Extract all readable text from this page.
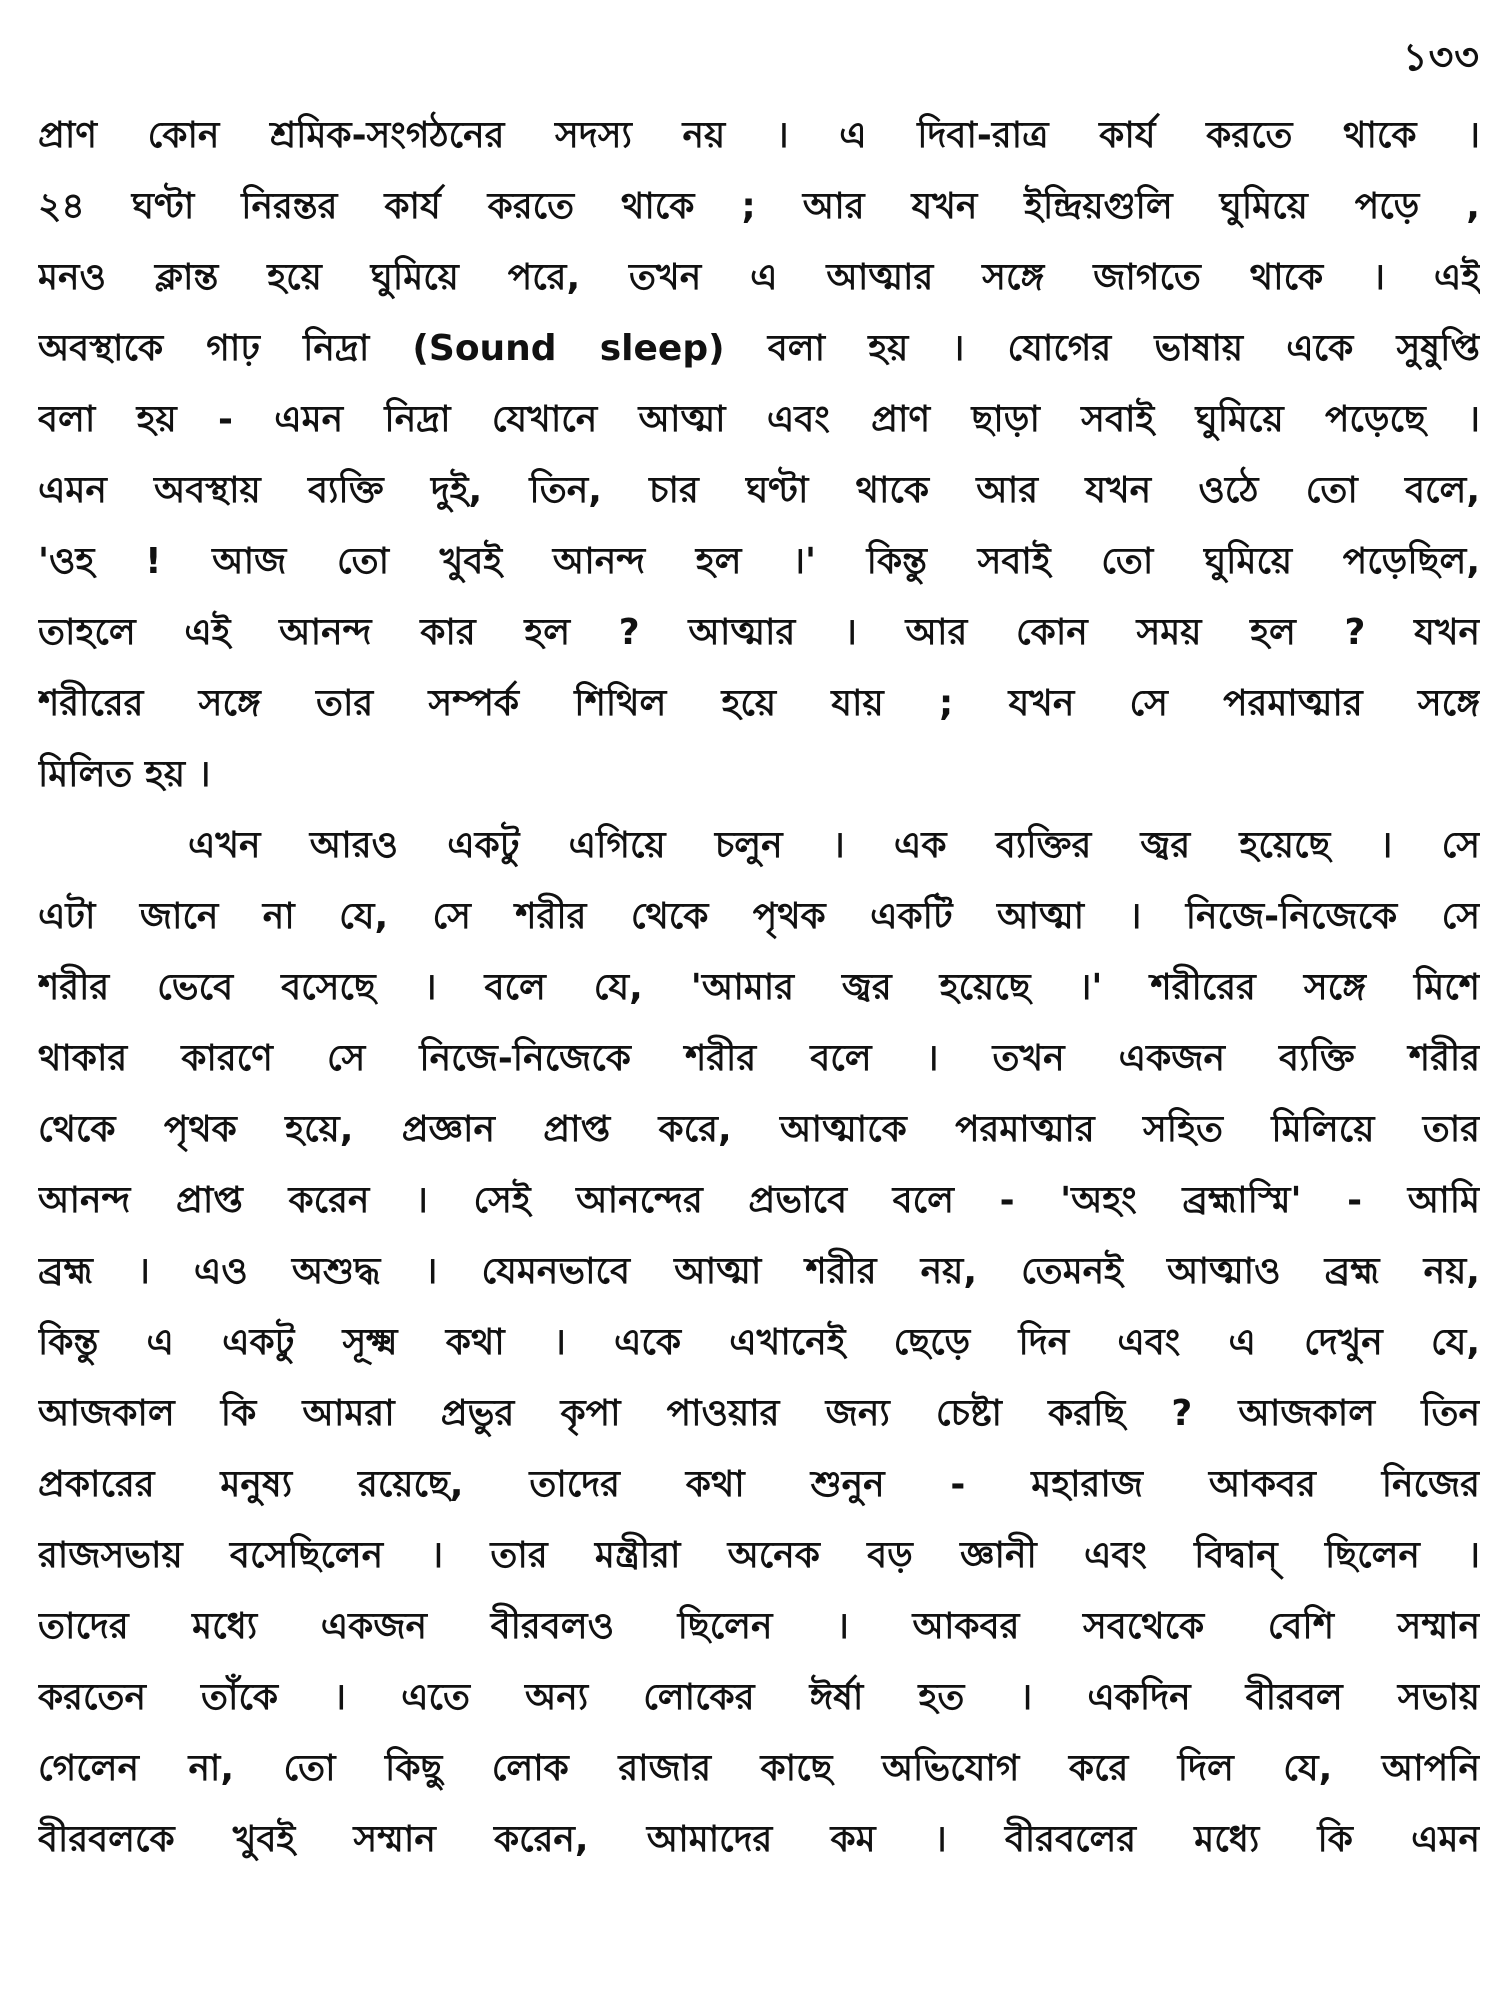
১৩৩
প্রাণ কোন শ্রমিক-সংগঠনের সদস্য নয় । এ দিবা-রাত্র কার্য করতে থাকে ।
২৪ ঘণ্টা নিরন্তর কার্য করতে থাকে ; আর যখন ইন্দ্রিয়গুলি ঘুমিয়ে পড়ে ,
মনও ক্লান্ত হয়ে ঘুমিয়ে পরে, তখন এ আত্মার সঙ্গে জাগতে থাকে । এই
অবস্থাকে গাঢ় নিদ্রা (Sound sleep) বলা হয় । যোগের ভাষায় একে সুষুপ্তি
বলা হয় - এমন নিদ্রা যেখানে আত্মা এবং প্রাণ ছাড়া সবাই ঘুমিয়ে পড়েছে ।
এমন অবস্থায় ব্যক্তি দুই, তিন, চার ঘণ্টা থাকে আর যখন ওঠে তো বলে,
'ওহ ! আজ তো খুবই আনন্দ হল ।' কিন্তু সবাই তো ঘুমিয়ে পড়েছিল,
তাহলে এই আনন্দ কার হল ? আত্মার । আর কোন সময় হল ? যখন
শরীরের সঙ্গে তার সম্পর্ক শিথিল হয়ে যায় ; যখন সে পরমাত্মার সঙ্গে
মিলিত হয় ।
এখন আরও একটু এগিয়ে চলুন । এক ব্যক্তির জ্বর হয়েছে । সে
এটা জানে না যে, সে শরীর থেকে পৃথক একটি আত্মা । নিজে-নিজেকে সে
শরীর ভেবে বসেছে । বলে যে, 'আমার জ্বর হয়েছে ।' শরীরের সঙ্গে মিশে
থাকার কারণে সে নিজে-নিজেকে শরীর বলে । তখন একজন ব্যক্তি শরীর
থেকে পৃথক হয়ে, প্রজ্ঞান প্রাপ্ত করে, আত্মাকে পরমাত্মার সহিত মিলিয়ে তার
আনন্দ প্রাপ্ত করেন । সেই আনন্দের প্রভাবে বলে - 'অহং ব্রহ্মাস্মি' - আমি
ব্রহ্ম । এও অশুদ্ধ । যেমনভাবে আত্মা শরীর নয়, তেমনই আত্মাও ব্রহ্ম নয়,
কিন্তু এ একটু সূক্ষ্ম কথা । একে এখানেই ছেড়ে দিন এবং এ দেখুন যে,
আজকাল কি আমরা প্রভুর কৃপা পাওয়ার জন্য চেষ্টা করছি ? আজকাল তিন
প্রকারের মনুষ্য রয়েছে, তাদের কথা শুনুন - মহারাজ আকবর নিজের
রাজসভায় বসেছিলেন । তার মন্ত্রীরা অনেক বড় জ্ঞানী এবং বিদ্বান্ ছিলেন ।
তাদের মধ্যে একজন বীরবলও ছিলেন । আকবর সবথেকে বেশি সম্মান
করতেন তাঁকে । এতে অন্য লোকের ঈর্ষা হত । একদিন বীরবল সভায়
গেলেন না, তো কিছু লোক রাজার কাছে অভিযোগ করে দিল যে, আপনি
বীরবলকে খুবই সম্মান করেন, আমাদের কম । বীরবলের মধ্যে কি এমন
